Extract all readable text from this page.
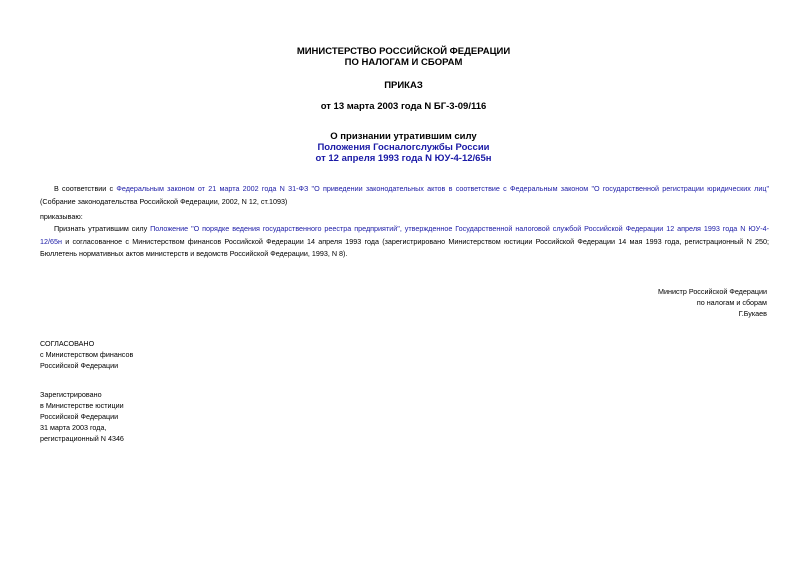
МИНИСТЕРСТВО РОССИЙСКОЙ ФЕДЕРАЦИИ

ПО НАЛОГАМ И СБОРАМ

ПРИКАЗ

от 13 марта 2003 года N БГ-3-09/116

О признании утратившим силу

Положения Госналогслужбы России

от 12 апреля 1993 года N ЮУ-4-12/65н

В соответствии с Федеральным законом от 21 марта 2002 года N 31-ФЗ "О приведении законодательных актов в соответствие с Федеральным законом "О государственной регистрации юридических лиц" (Собрание законодательства Российской Федерации, 2002, N 12, ст.1093)

приказываю:

Признать утратившим силу Положение "О порядке ведения государственного реестра предприятий", утвержденное Государственной налоговой службой Российской Федерации 12 апреля 1993 года N ЮУ-4-12/65н и согласованное с Министерством финансов Российской Федерации 14 апреля 1993 года (зарегистрировано Министерством юстиции Российской Федерации 14 мая 1993 года, регистрационный N 250; Бюллетень нормативных актов министерств и ведомств Российской Федерации, 1993, N 8).

Министр Российской Федерации
по налогам и сборам
Г.Букаев
СОГЛАСОВАНО
с Министерством финансов
Российской Федерации
Зарегистрировано
в Министерстве юстиции
Российской Федерации
31 марта 2003 года,
регистрационный N 4346
